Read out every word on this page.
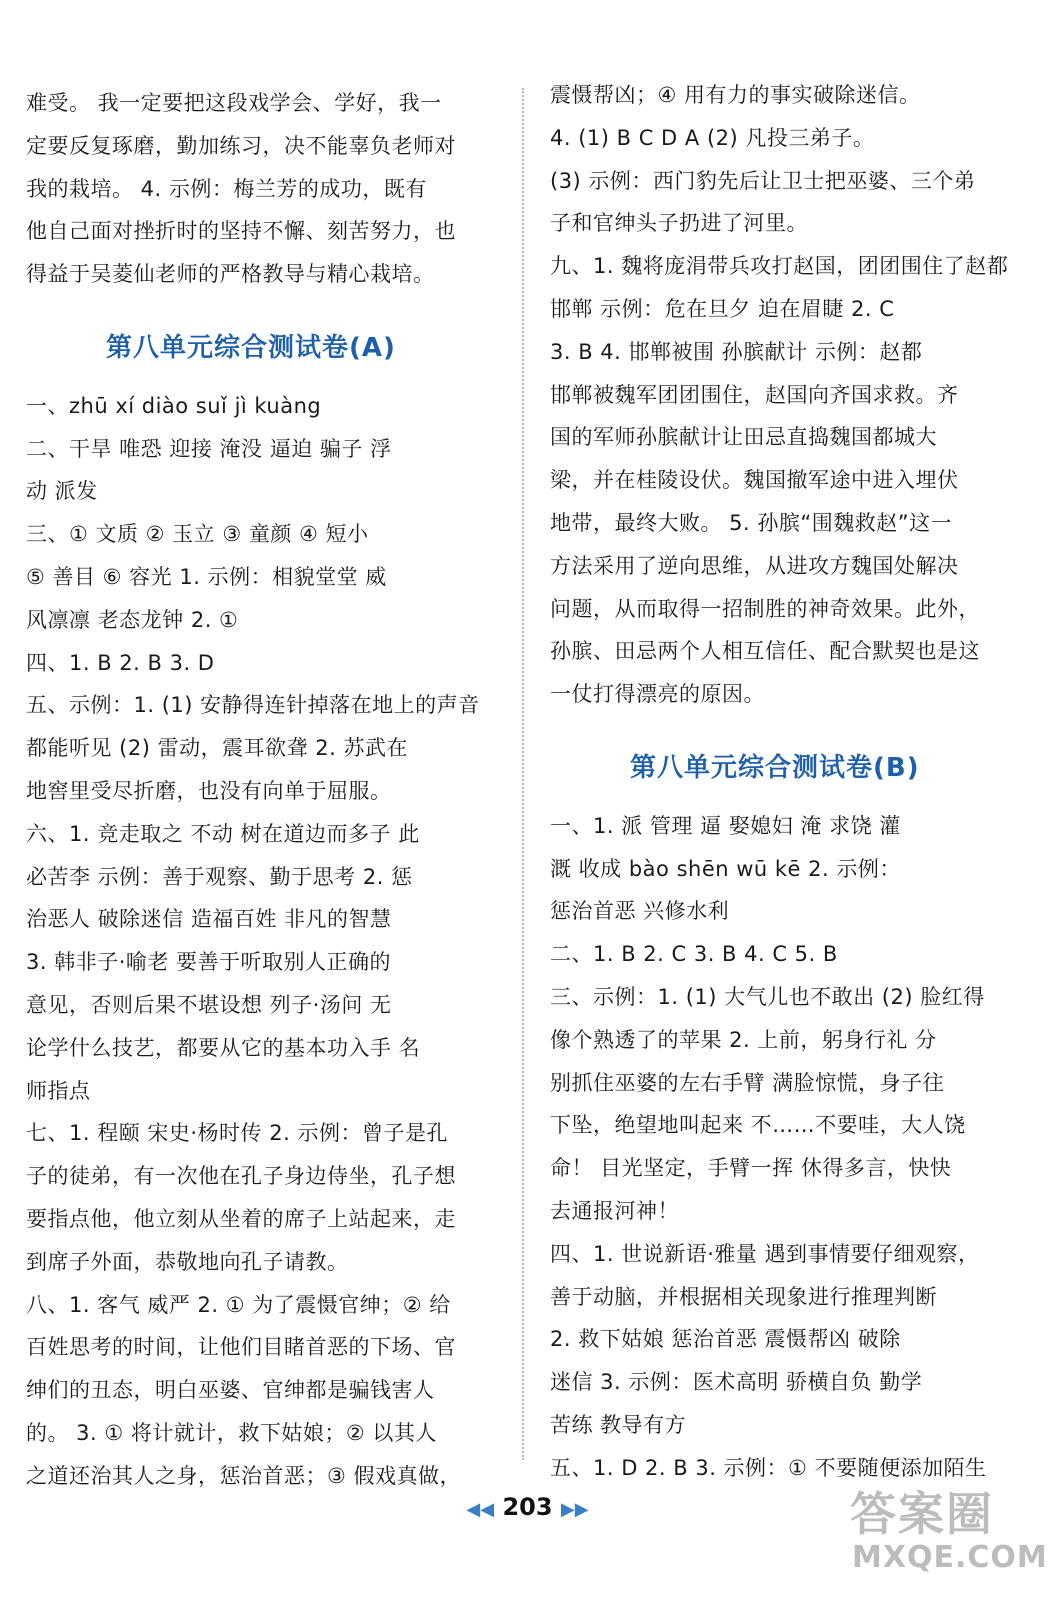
难受。 我一定要把这段戏学会、学好，我一
定要反复琢磨，勤加练习，决不能辜负老师对
我的栽培。 4. 示例：梅兰芳的成功，既有
他自己面对挫折时的坚持不懈、刻苦努力，也
得益于吴菱仙老师的严格教导与精心栽培。
第八单元综合测试卷(A)
一、zhū xí diào suǐ jì kuàng
二、干旱 唯恐 迎接 淹没 逼迫 骗子 浮
动 派发
三、① 文质 ② 玉立 ③ 童颜 ④ 短小
⑤ 善目 ⑥ 容光 1. 示例：相貌堂堂 威
风凛凛 老态龙钟 2. ①
四、1. B 2. B 3. D
五、示例：1. (1) 安静得连针掉落在地上的声音
都能听见 (2) 雷动，震耳欲聋 2. 苏武在
地窖里受尽折磨，也没有向单于屈服。
六、1. 竞走取之 不动 树在道边而多子 此
必苦李 示例：善于观察、勤于思考 2. 惩
治恶人 破除迷信 造福百姓 非凡的智慧
3. 韩非子·喻老 要善于听取别人正确的
意见，否则后果不堪设想 列子·汤问 无
论学什么技艺，都要从它的基本功入手 名
师指点
七、1. 程颐 宋史·杨时传 2. 示例：曾子是孔
子的徒弟，有一次他在孔子身边侍坐，孔子想
要指点他，他立刻从坐着的席子上站起来，走
到席子外面，恭敬地向孔子请教。
八、1. 客气 威严 2. ① 为了震慑官绅；② 给
百姓思考的时间，让他们目睹首恶的下场、官
绅们的丑态，明白巫婆、官绅都是骗钱害人
的。 3. ① 将计就计，救下姑娘；② 以其人
之道还治其人之身，惩治首恶；③ 假戏真做，
震慑帮凶；④ 用有力的事实破除迷信。
4. (1) B C D A (2) 凡投三弟子。
(3) 示例：西门豹先后让卫士把巫婆、三个弟
子和官绅头子扔进了河里。
九、1. 魏将庞涓带兵攻打赵国，团团围住了赵都
邯郸 示例：危在旦夕 迫在眉睫 2. C
3. B 4. 邯郸被围 孙膑献计 示例：赵都
邯郸被魏军团团围住，赵国向齐国求救。齐
国的军师孙膑献计让田忌直捣魏国都城大
梁，并在桂陵设伏。魏国撤军途中进入埋伏
地带，最终大败。 5. 孙膑“围魏救赵”这一
方法采用了逆向思维，从进攻方魏国处解决
问题，从而取得一招制胜的神奇效果。此外，
孙膑、田忌两个人相互信任、配合默契也是这
一仗打得漂亮的原因。
第八单元综合测试卷(B)
一、1. 派 管理 逼 娶媳妇 淹 求饶 灌
溉 收成 bào shēn wū kē 2. 示例：
惩治首恶 兴修水利
二、1. B 2. C 3. B 4. C 5. B
三、示例：1. (1) 大气儿也不敢出 (2) 脸红得
像个熟透了的苹果 2. 上前，躬身行礼 分
别抓住巫婆的左右手臂 满脸惊慌，身子往
下坠，绝望地叫起来 不……不要哇，大人饶
命！ 目光坚定，手臂一挥 休得多言，快快
去通报河神！
四、1. 世说新语·雅量 遇到事情要仔细观察，
善于动脑，并根据相关现象进行推理判断
2. 救下姑娘 惩治首恶 震慑帮凶 破除
迷信 3. 示例：医术高明 骄横自负 勤学
苦练 教导有方
五、1. D 2. B 3. 示例：① 不要随便添加陌生
◀◀ 203 ▶▶	答案圈
MXQE.COM
